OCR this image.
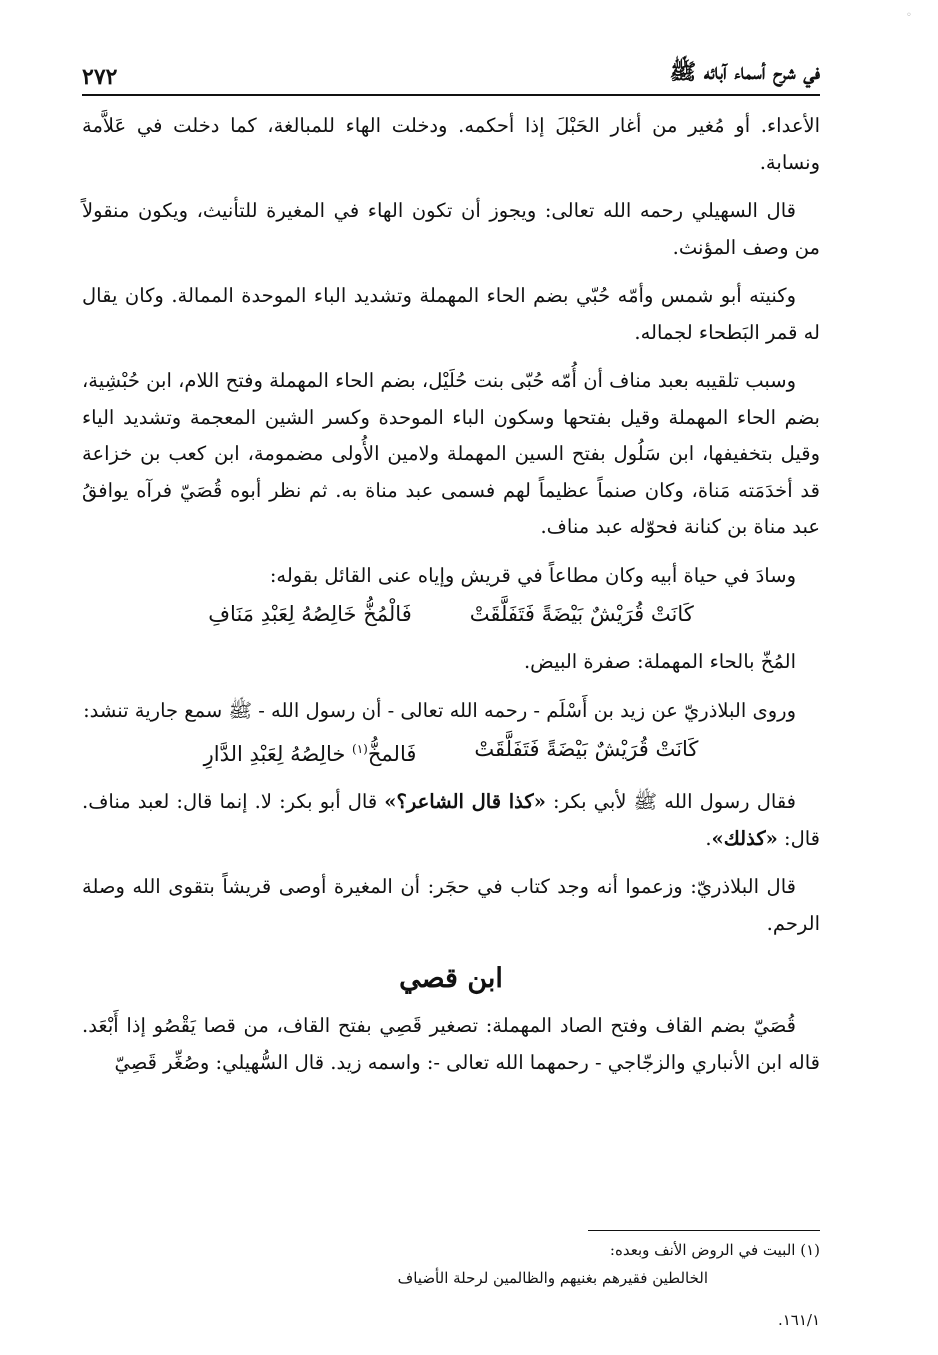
◦
في شرح أسماء آبائه ﷺ
٢٧٢

الأعداء. أو مُغير من أغار الحَبْلَ إذا أحكمه. ودخلت الهاء للمبالغة، كما دخلت في عَلاَّمة ونسابة.

قال السهيلي رحمه الله تعالى: ويجوز أن تكون الهاء في المغيرة للتأنيث، ويكون منقولاً من وصف المؤنث.

وكنيته أبو شمس وأمّه حُبّي بضم الحاء المهملة وتشديد الباء الموحدة الممالة. وكان يقال له قمر البَطحاء لجماله.

وسبب تلقيبه بعبد مناف أن أُمّه حُبّى بنت حُلَيْل، بضم الحاء المهملة وفتح اللام، ابن حُبْشِية، بضم الحاء المهملة وقيل بفتحها وسكون الباء الموحدة وكسر الشين المعجمة وتشديد الياء وقيل بتخفيفها، ابن سَلُول بفتح السين المهملة ولامين الأُولى مضمومة، ابن كعب بن خزاعة قد أخدَمَته مَناة، وكان صنماً عظيماً لهم فسمى عبد مناة به. ثم نظر أبوه قُصَيّ فرآه يوافقُ عبد مناة بن كنانة فحوّله عبد مناف.

وسادَ في حياة أبيه وكان مطاعاً في قريش وإياه عنى القائل بقوله:

كَانَتْ قُرَيْشٌ بَيْضَةً فَتَفَلَّقَتْ
فَالْمُخُّ خَالِصُهُ لِعَبْدِ مَنَافِ

المُخّ بالحاء المهملة: صفرة البيض.

وروى البلاذريّ عن زيد بن أَسْلَم - رحمه الله تعالى - أن رسول الله - ﷺ سمع جارية تنشد:

كَانَتْ قُرَيْشٌ بَيْضَةً فَتَفَلَّقَتْ
فَالمخُّ$^{(١)}$ خالِصُهُ لِعَبْدِ الدَّارِ

فقال رسول الله ﷺ لأبي بكر: «كذا قال الشاعر؟» قال أبو بكر: لا. إنما قال: لعبد مناف. قال: «كذلك».

قال البلاذريّ: وزعموا أنه وجد كتاب في حجَر: أن المغيرة أوصى قريشاً بتقوى الله وصلة الرحم.

ابن قصي

قُصَيّ بضم القاف وفتح الصاد المهملة: تصغير قَصِي بفتح القاف، من قصا يَقْصُو إذا أَبْعَد. قاله ابن الأنباري والزجّاجي - رحمهما الله تعالى -: واسمه زيد. قال السُّهيلي: وصُغِّر قَصِيّ

(١) البيت في الروض الأنف وبعده:
الخالطين فقيرهم بغنيهم والظالمين لرحلة الأضياف
١٦١/١.
